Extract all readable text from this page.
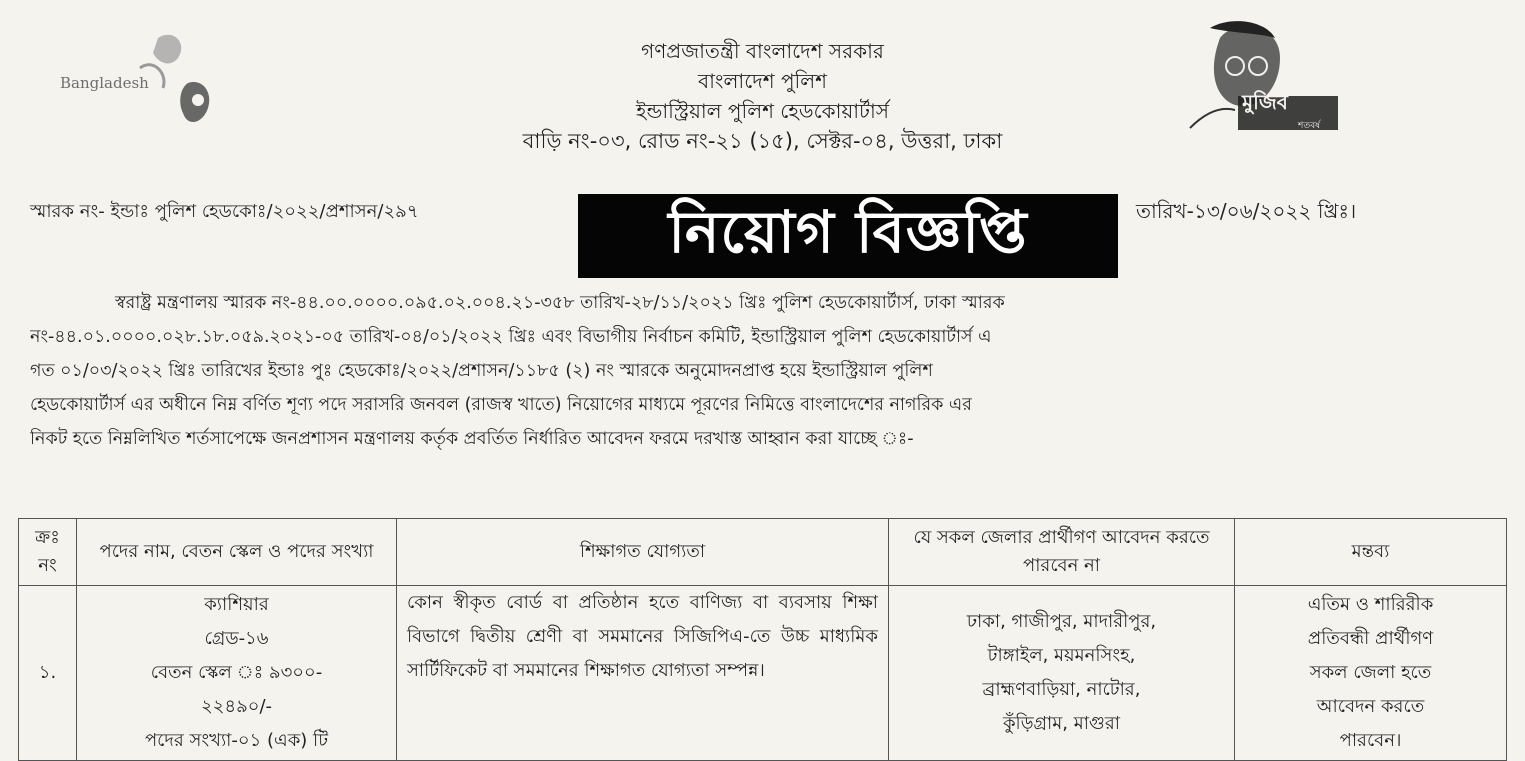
Bangladesh
মুজিব
শতবর্ষ
গণপ্রজাতন্ত্রী বাংলাদেশ সরকার
বাংলাদেশ পুলিশ
ইন্ডাস্ট্রিয়াল পুলিশ হেডকোয়ার্টার্স
বাড়ি নং-০৩, রোড নং-২১ (১৫), সেক্টর-০৪, উত্তরা, ঢাকা
স্মারক নং- ইন্ডাঃ পুলিশ হেডকোঃ/২০২২/প্রশাসন/২৯৭	তারিখ-১৩/০৬/২০২২ খ্রিঃ।
নিয়োগ বিজ্ঞপ্তি
স্বরাষ্ট্র মন্ত্রণালয় স্মারক নং-৪৪.০০.০০০০.০৯৫.০২.০০৪.২১-৩৫৮ তারিখ-২৮/১১/২০২১ খ্রিঃ পুলিশ হেডকোয়ার্টার্স, ঢাকা স্মারক
নং-৪৪.০১.০০০০.০২৮.১৮.০৫৯.২০২১-০৫ তারিখ-০৪/০১/২০২২ খ্রিঃ এবং বিভাগীয় নির্বাচন কমিটি, ইন্ডাস্ট্রিয়াল পুলিশ হেডকোয়ার্টার্স এ
গত ০১/০৩/২০২২ খ্রিঃ তারিখের ইন্ডাঃ পুঃ হেডকোঃ/২০২২/প্রশাসন/১১৮৫ (২) নং স্মারকে অনুমোদনপ্রাপ্ত হয়ে ইন্ডাস্ট্রিয়াল পুলিশ
হেডকোয়ার্টার্স এর অধীনে নিম্ন বর্ণিত শূণ্য পদে সরাসরি জনবল (রাজস্ব খাতে) নিয়োগের মাধ্যমে পূরণের নিমিত্তে বাংলাদেশের নাগরিক এর
নিকট হতে নিম্নলিখিত শর্তসাপেক্ষে জনপ্রশাসন মন্ত্রণালয় কর্তৃক প্রবর্তিত নির্ধারিত আবেদন ফরমে দরখাস্ত আহ্বান করা যাচ্ছে ঃ-
ক্রঃ নং	পদের নাম, বেতন স্কেল ও পদের সংখ্যা	শিক্ষাগত যোগ্যতা	যে সকল জেলার প্রার্থীগণ আবেদন করতে পারবেন না	মন্তব্য
১.	ক্যাশিয়ার
গ্রেড-১৬
বেতন স্কেল ঃ ৯৩০০-
২২৪৯০/-
পদের সংখ্যা-০১ (এক) টি	কোন স্বীকৃত বোর্ড বা প্রতিষ্ঠান হতে বাণিজ্য বা ব্যবসায় শিক্ষা বিভাগে দ্বিতীয় শ্রেণী বা সমমানের সিজিপিএ-তে উচ্চ মাধ্যমিক সার্টিফিকেট বা সমমানের শিক্ষাগত যোগ্যতা সম্পন্ন।	ঢাকা, গাজীপুর, মাদারীপুর,
টাঙ্গাইল, ময়মনসিংহ,
ব্রাহ্মণবাড়িয়া, নাটোর,
কুঁড়িগ্রাম, মাগুরা	এতিম ও শারিরীক
প্রতিবন্ধী প্রার্থীগণ
সকল জেলা হতে
আবেদন করতে
পারবেন।
